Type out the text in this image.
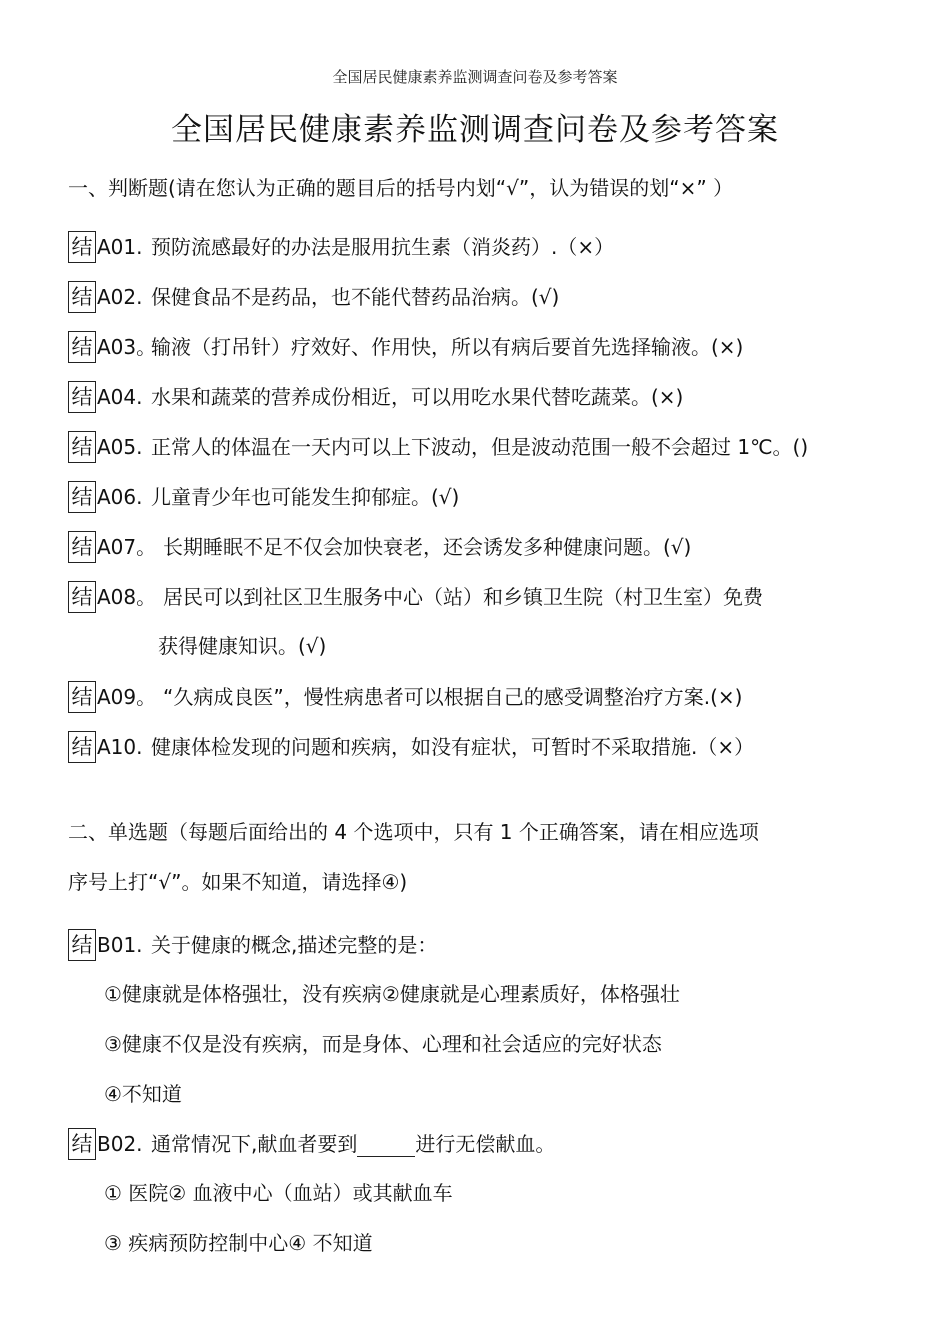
全国居民健康素养监测调查问卷及参考答案
全国居民健康素养监测调查问卷及参考答案
一、判断题(请在您认为正确的题目后的括号内划“√”，认为错误的划“×” ）
结 A01. 预防流感最好的办法是服用抗生素（消炎药）.（×）
结 A02. 保健食品不是药品，也不能代替药品治病。(√)
结 A03。输液（打吊针）疗效好、作用快，所以有病后要首先选择输液。(×)
结 A04. 水果和蔬菜的营养成份相近，可以用吃水果代替吃蔬菜。(×)
结 A05. 正常人的体温在一天内可以上下波动，但是波动范围一般不会超过 1℃。()
结 A06. 儿童青少年也可能发生抑郁症。(√)
结 A07。 长期睡眠不足不仅会加快衰老，还会诱发多种健康问题。(√)
结 A08。 居民可以到社区卫生服务中心（站）和乡镇卫生院（村卫生室）免费
获得健康知识。(√)
结 A09。 “久病成良医”，慢性病患者可以根据自己的感受调整治疗方案.(×)
结 A10. 健康体检发现的问题和疾病，如没有症状，可暂时不采取措施.（×）
二、单选题（每题后面给出的 4 个选项中，只有 1 个正确答案，请在相应选项
序号上打“√”。如果不知道，请选择④)
结 B01. 关于健康的概念,描述完整的是：
①健康就是体格强壮，没有疾病②健康就是心理素质好，体格强壮
③健康不仅是没有疾病，而是身体、心理和社会适应的完好状态
④不知道
结 B02. 通常情况下,献血者要到	进行无偿献血。
① 医院② 血液中心（血站）或其献血车
③ 疾病预防控制中心④ 不知道
